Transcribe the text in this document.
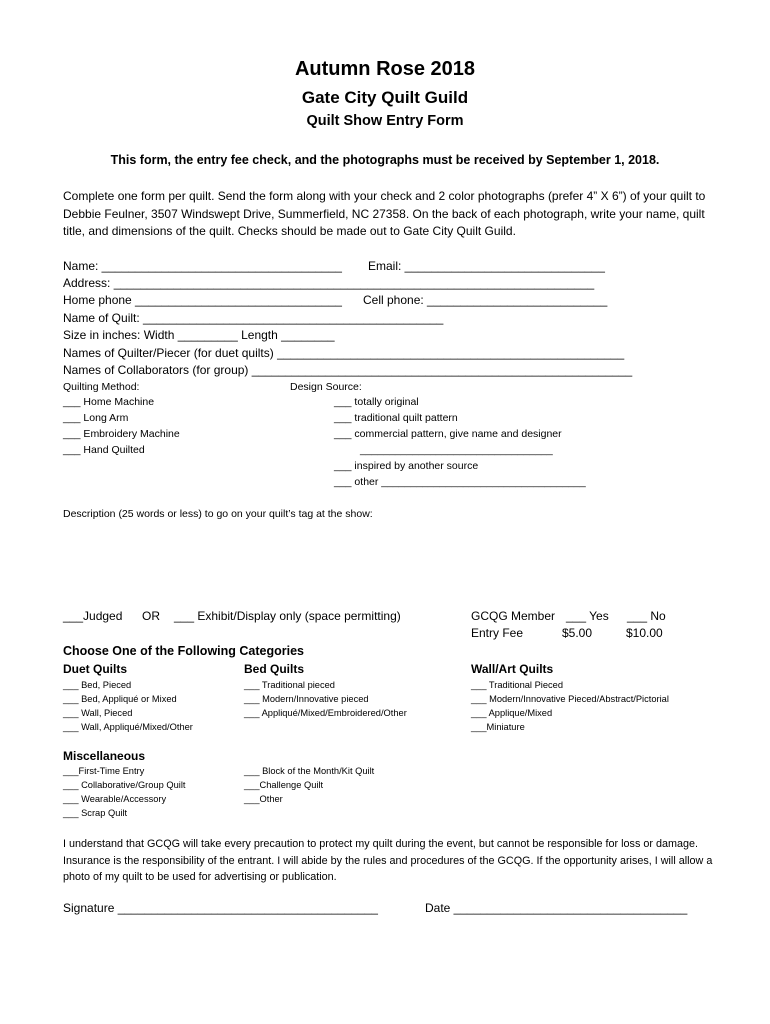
Autumn Rose 2018
Gate City Quilt Guild
Quilt Show Entry Form
This form, the entry fee check, and the photographs must be received by September 1, 2018.
Complete one form per quilt. Send the form along with your check and 2 color photographs (prefer 4” X 6”) of your quilt to Debbie Feulner, 3507 Windswept Drive, Summerfield, NC 27358. On the back of each photograph, write your name, quilt title, and dimensions of the quilt. Checks should be made out to Gate City Quilt Guild.
Name: ____________________________________ Email: ______________________________
Address: ________________________________________________________________________
Home phone _______________________________ Cell phone: ___________________________
Name of Quilt: _____________________________________________
Size in inches: Width _________ Length ________
Names of Quilter/Piecer (for duet quilts) ____________________________________________________
Names of Collaborators (for group) _________________________________________________________
Quilting Method:
___ Home Machine
___ Long Arm
___ Embroidery Machine
___ Hand Quilted
Design Source:
___ totally original
___ traditional quilt pattern
___ commercial pattern, give name and designer
_________________________________
___ inspired by another source
___ other ___________________________________
Description (25 words or less) to go on your quilt’s tag at the show:
___Judged OR ___ Exhibit/Display only (space permitting)	GCQG Member ___ Yes ___ No
Entry Fee	$5.00	$10.00
Choose One of the Following Categories
Duet Quilts
___ Bed, Pieced
___ Bed, Appliqué or Mixed
___ Wall, Pieced
___ Wall, Appliqué/Mixed/Other
Bed Quilts
___ Traditional pieced
___ Modern/Innovative pieced
___ Appliqué/Mixed/Embroidered/Other
Wall/Art Quilts
___ Traditional Pieced
___ Modern/Innovative Pieced/Abstract/Pictorial
___ Applique/Mixed
___Miniature
Miscellaneous
___First-Time Entry
___ Collaborative/Group Quilt
___ Wearable/Accessory
___ Scrap Quilt
___ Block of the Month/Kit Quilt
___Challenge Quilt
___Other
I understand that GCQG will take every precaution to protect my quilt during the event, but cannot be responsible for loss or damage. Insurance is the responsibility of the entrant. I will abide by the rules and procedures of the GCQG. If the opportunity arises, I will allow a photo of my quilt to be used for advertising or publication.
Signature _______________________________________	Date ___________________________________
